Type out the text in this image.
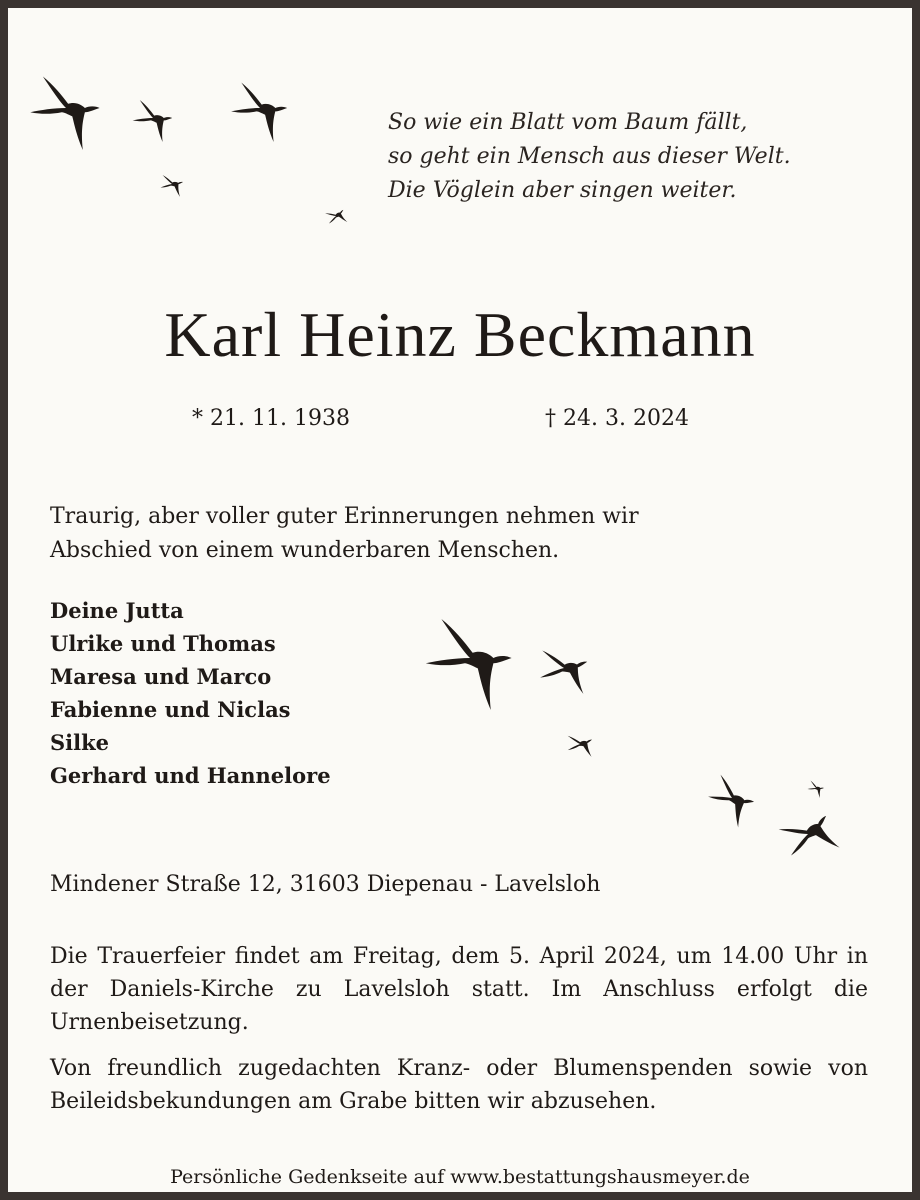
So wie ein Blatt vom Baum fällt,
so geht ein Mensch aus dieser Welt.
Die Vöglein aber singen weiter.
Karl Heinz Beckmann
* 21. 11. 1938	† 24. 3. 2024
Traurig, aber voller guter Erinnerungen nehmen wir
Abschied von einem wunderbaren Menschen.
Deine Jutta
Ulrike und Thomas
Maresa und Marco
Fabienne und Niclas
Silke
Gerhard und Hannelore
Mindener Straße 12, 31603 Diepenau - Lavelsloh
Die Trauerfeier findet am Freitag, dem 5. April 2024, um 14.00 Uhr in der Daniels-Kirche zu Lavelsloh statt. Im Anschluss erfolgt die Urnenbeisetzung.
Von freundlich zugedachten Kranz- oder Blumenspenden sowie von Beileidsbekundungen am Grabe bitten wir abzusehen.
Persönliche Gedenkseite auf www.bestattungshausmeyer.de
